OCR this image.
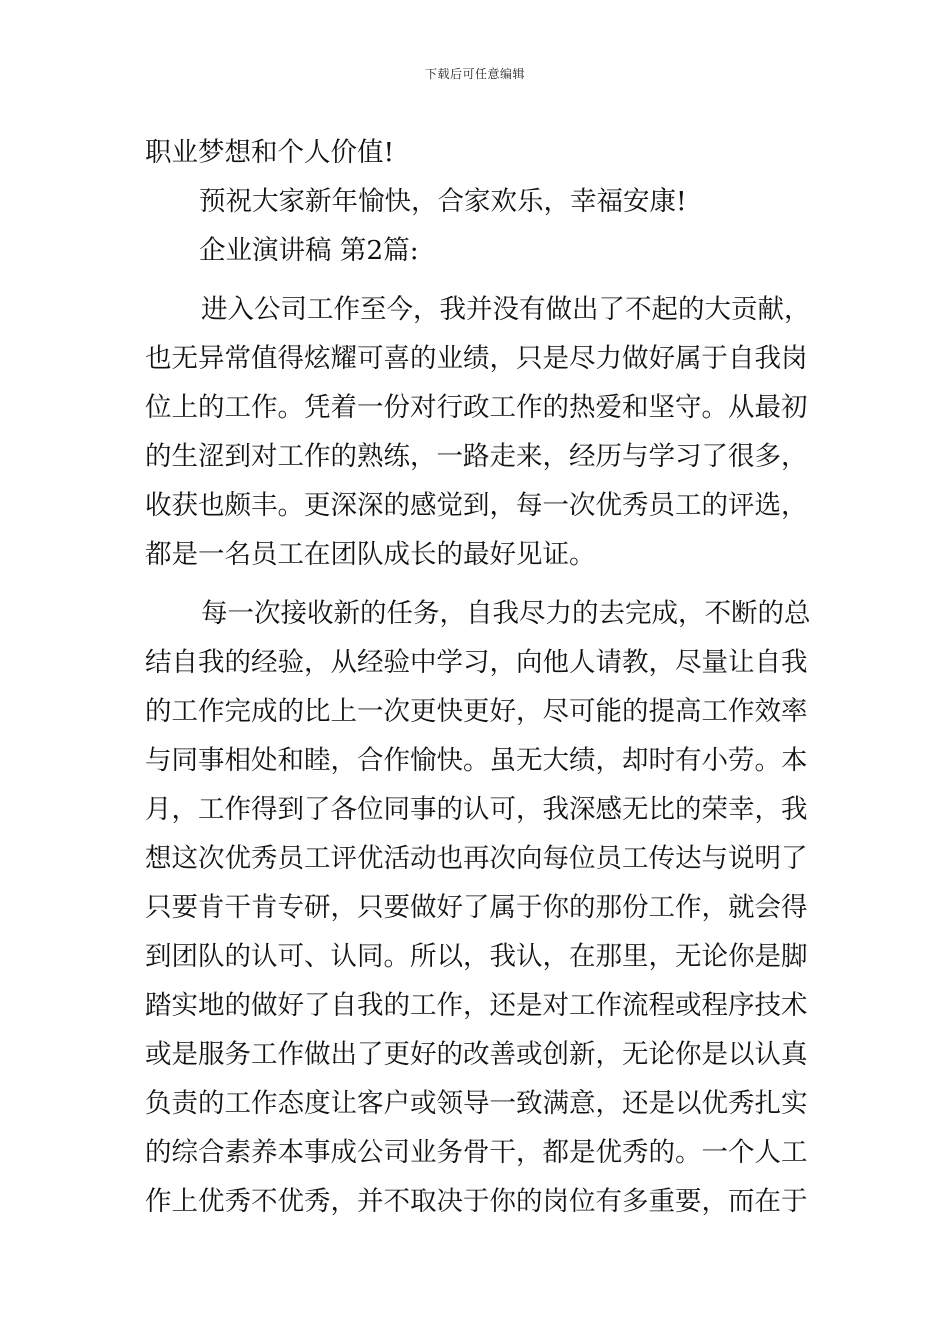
下载后可任意编辑
职业梦想和个人价值!
预祝大家新年愉快，合家欢乐，幸福安康!
企业演讲稿 第2篇:
进入公司工作至今，我并没有做出了不起的大贡献，
也无异常值得炫耀可喜的业绩，只是尽力做好属于自我岗
位上的工作。凭着一份对行政工作的热爱和坚守。从最初
的生涩到对工作的熟练，一路走来，经历与学习了很多，
收获也颇丰。更深深的感觉到，每一次优秀员工的评选，
都是一名员工在团队成长的最好见证。
每一次接收新的任务，自我尽力的去完成，不断的总
结自我的经验，从经验中学习，向他人请教，尽量让自我
的工作完成的比上一次更快更好，尽可能的提高工作效率
与同事相处和睦，合作愉快。虽无大绩，却时有小劳。本
月，工作得到了各位同事的认可，我深感无比的荣幸，我
想这次优秀员工评优活动也再次向每位员工传达与说明了
只要肯干肯专研，只要做好了属于你的那份工作，就会得
到团队的认可、认同。所以，我认，在那里，无论你是脚
踏实地的做好了自我的工作，还是对工作流程或程序技术
或是服务工作做出了更好的改善或创新，无论你是以认真
负责的工作态度让客户或领导一致满意，还是以优秀扎实
的综合素养本事成公司业务骨干，都是优秀的。一个人工
作上优秀不优秀，并不取决于你的岗位有多重要，而在于
